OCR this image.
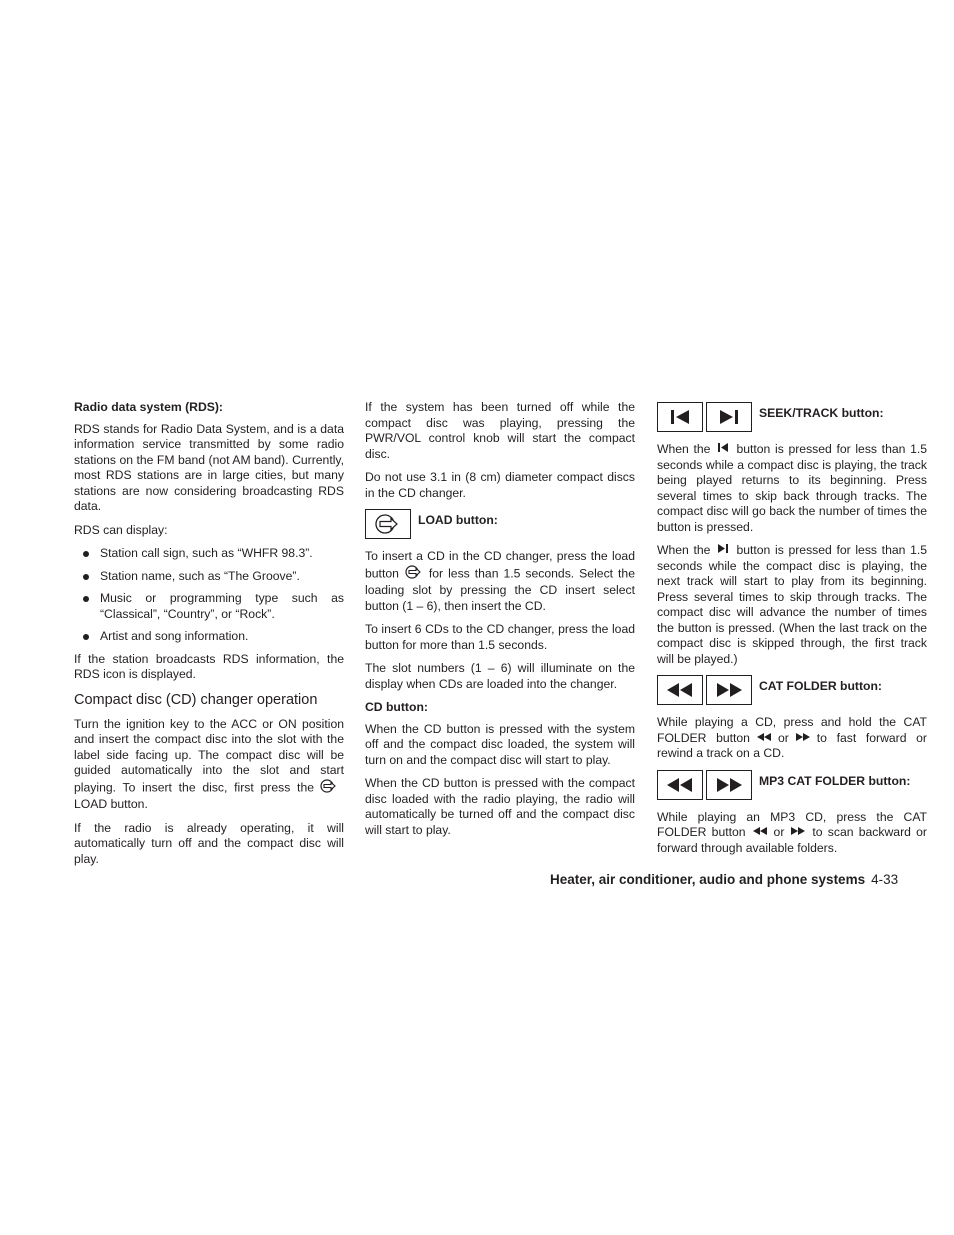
Radio data system (RDS):

RDS stands for Radio Data System, and is a data information service transmitted by some radio stations on the FM band (not AM band). Currently, most RDS stations are in large cities, but many stations are now considering broadcasting RDS data.

RDS can display:

Station call sign, such as “WHFR 98.3”.
Station name, such as “The Groove”.
Music or programming type such as “Classical”, “Country”, or “Rock”.
Artist and song information.

If the station broadcasts RDS information, the RDS icon is displayed.

Compact disc (CD) changer operation

Turn the ignition key to the ACC or ON position and insert the compact disc into the slot with the label side facing up. The compact disc will be guided automatically into the slot and start playing. To insert the disc, first press theLOAD button.

If the radio is already operating, it will automatically turn off and the compact disc will play.

If the system has been turned off while the compact disc was playing, pressing the PWR/VOL control knob will start the compact disc.

Do not use 3.1 in (8 cm) diameter compact discs in the CD changer.

LOAD button:

To insert a CD in the CD changer, press the load button for less than 1.5 seconds. Select the loading slot by pressing the CD insert select button (1 – 6), then insert the CD.

To insert 6 CDs to the CD changer, press the load button for more than 1.5 seconds.

The slot numbers (1 – 6) will illuminate on the display when CDs are loaded into the changer.

CD button:

When the CD button is pressed with the system off and the compact disc loaded, the system will turn on and the compact disc will start to play.

When the CD button is pressed with the compact disc loaded with the radio playing, the radio will automatically be turned off and the compact disc will start to play.

SEEK/TRACK button:

When the button is pressed for less than 1.5 seconds while a compact disc is playing, the track being played returns to its beginning. Press several times to skip back through tracks. The compact disc will go back the number of times the button is pressed.

When the button is pressed for less than 1.5 seconds while the compact disc is playing, the next track will start to play from its beginning. Press several times to skip through tracks. The compact disc will advance the number of times the button is pressed. (When the last track on the compact disc is skipped through, the first track will be played.)

CAT FOLDER button:

While playing a CD, press and hold the CAT FOLDER button or to fast forward or rewind a track on a CD.

MP3 CAT FOLDER button:

While playing an MP3 CD, press the CAT FOLDER button or to scan backward or forward through available folders.

Heater, air conditioner, audio and phone systems 4-33
